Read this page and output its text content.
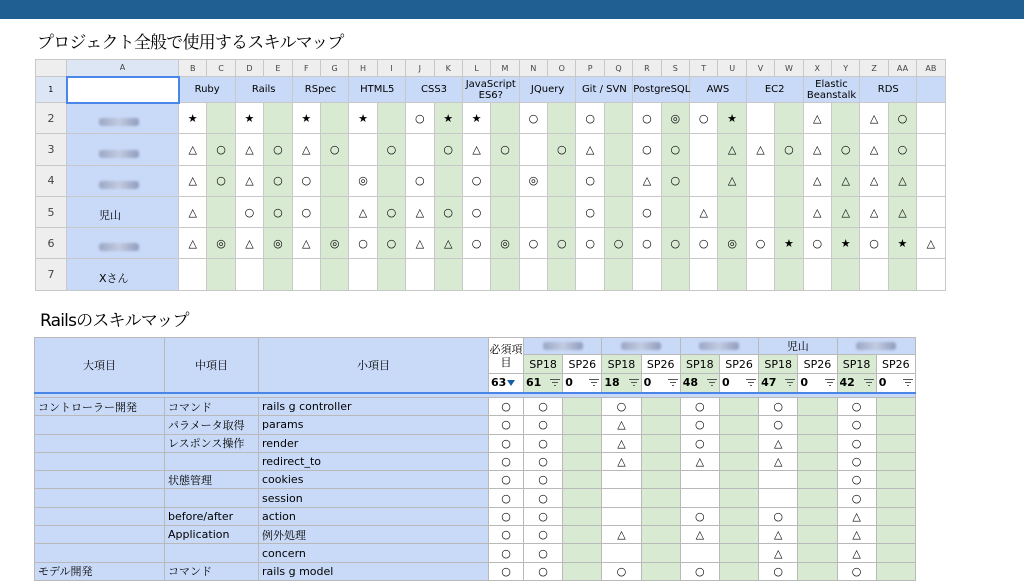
プロジェクト全般で使用するスキルマップ
	A	B	C	D	E	F	G	H	I	J	K	L	M	N	O	P	Q	R	S	T	U	V	W	X	Y	Z	AA	AB
1		Ruby		Rails		RSpec		HTML5		CSS3		JavaScript ES6?		JQuery		Git / SVN		PostgreSQL		AWS		EC2		Elastic Beanstalk		RDS		
2		★		★		★		★		○	★	★		○		○		○	◎	○	★			△		△	○	
3		△	○	△	○	△	○		○		○	△	○		○	△		○	○		△	△	○	△	○	△	○	
4		△	○	△	○	○		◎		○		○		◎		○		△	○		△			△	△	△	△	
5	児山	△		○	○	○		△	○	△	○	○				○		○		△				△	△	△	△	
6		△	◎	△	◎	△	◎	○	○	△	△	○	◎	○	○	○	○	○	○	○	◎	○	★	○	★	○	★	△
7	Xさん																											
Railsのスキルマップ
大項目	中項目	小項目	必須項目							児山			
				SP18	SP26	SP18	SP26	SP18	SP26	SP18	SP26	SP18	SP26
			63	61	0	18	0	48	0	47	0	42	0

コントローラー開発	コマンド	rails g controller	○	○		○		○		○		○	
	パラメータ取得	params	○	○		△		○		○		○	
	レスポンス操作	render	○	○		△		○		△		○	
		redirect_to	○	○		△		△		△		○	
	状態管理	cookies	○	○								○	
		session	○	○								○	
	before/after	action	○	○				○		○		△	
	Application	例外処理	○	○		△		△		△		△	
		concern	○	○						△		△	
モデル開発	コマンド	rails g model	○	○		○		○		○		○	
